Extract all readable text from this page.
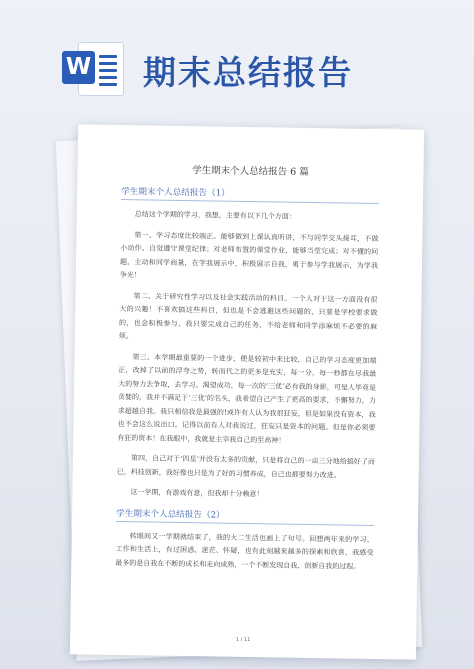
W 期末总结报告
学生期末个人总结报告 6 篇
学生期末个人总结报告（1）

总结这个学期的学习，我想，主要有以下几个方面：

第一、学习态度比较端正。能够做到上课认真听讲，不与同学交头接耳，不做小动作。自觉遵守课堂纪律；对老师布置的课堂作业，能够当堂完成；对不懂的问题，主动和同学商量，在学我展示中，积极展示自我，勇于参与学我展示，为学我争光！

第二、关于研究性学习以及社会实践活动的科目。一个人对于这一方面没有很大的兴趣！不喜欢搞这些科目，但也是不会逃避这些问题的，只要是学校要求做的，也会积极参与，我只要完成自己的任务，不给老师和同学添麻烦不必要的麻烦。

第三、本学期最重要的一个进步，便是较初中来比较，自己的学习态度更加端正，改掉了以前的浮夸之势，转而代之的更多是充实，每一分，每一秒都在尽我最大的努力去争取，去学习。渴望成功，每一次的‘三优’必有我的身影，可是人毕竟是贪婪的，我并不满足于‘三优’的名头，我希望自己产生了更高的要求，不懈努力，力求超越自我。我只相信我是最强的!或许有人认为我很狂妄，但是如果没有资本，我也不会这么说出口。记得以前有人对我说过，狂妄只是资本的问题。但是你必须要有狂的资本！在我眼中，我就是主宰我自己的至高神！

第四，自己对于‘四星’并没有太多的贡献，只是将自己的一亩三分地给搞好了而已，科技创新，我好像也只是为了好的习惯养成，自己也都要努力改进。

这一学期，有游戏有意，但我却十分赖意！

学生期末个人总结报告（2）

转眼间又一学期就结束了，我的大二生活也画上了句号。回想两年来的学习、工作和生活上，有过困惑、迷茫、怀疑，也有此刻越来越多的探索和欣喜，我感受最多的是自我在不断的成长和走向成熟，一个不断发现自我、创新自我的过程。

1 / 11
